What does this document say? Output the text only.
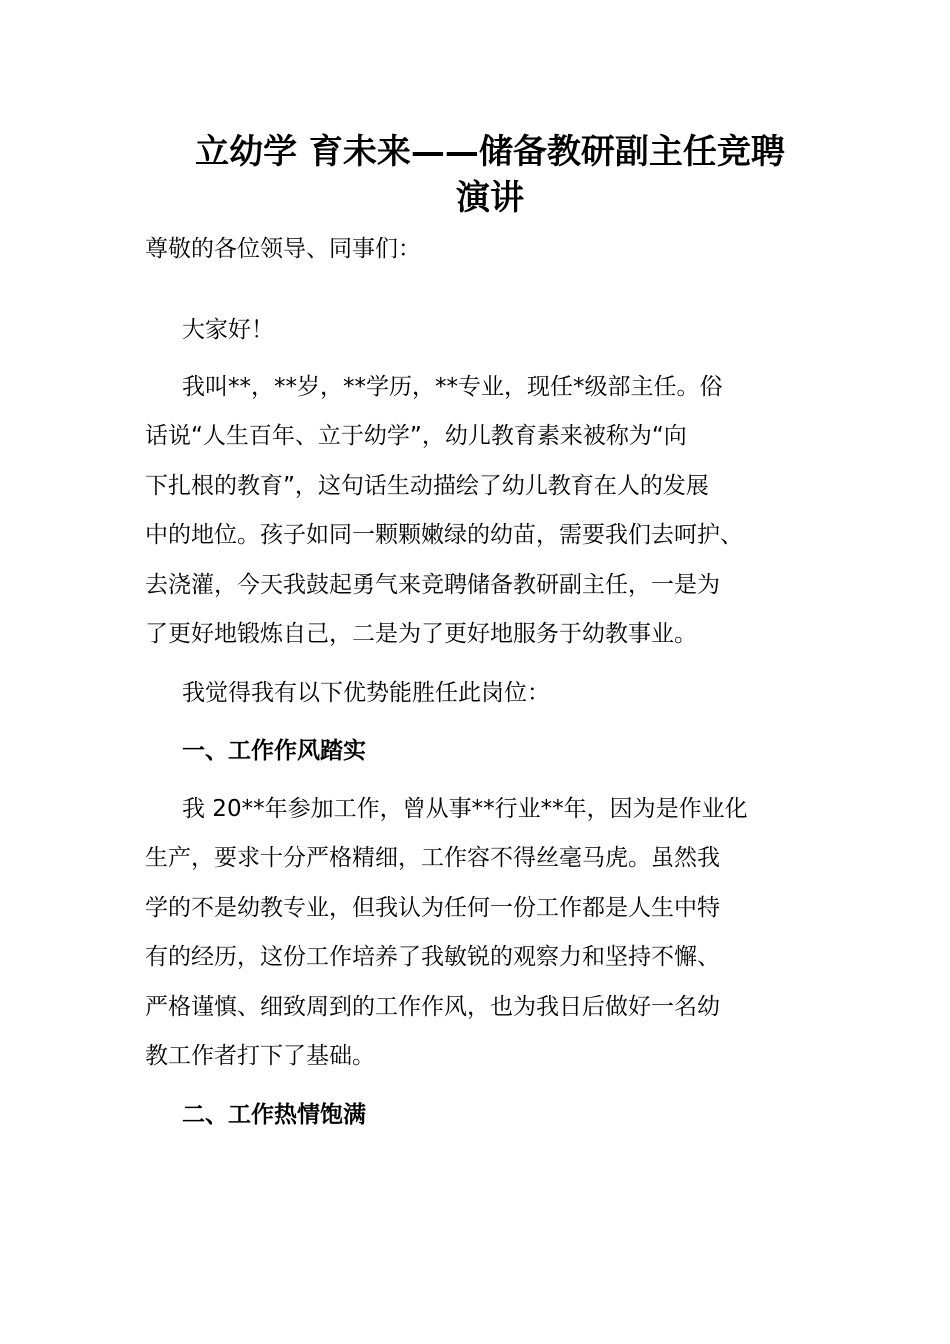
立幼学 育未来——储备教研副主任竞聘
演讲

尊敬的各位领导、同事们：

大家好！

我叫**，**岁，**学历，**专业，现任*级部主任。俗

话说“人生百年、立于幼学”，幼儿教育素来被称为“向

下扎根的教育”，这句话生动描绘了幼儿教育在人的发展

中的地位。孩子如同一颗颗嫩绿的幼苗，需要我们去呵护、

去浇灌，今天我鼓起勇气来竞聘储备教研副主任，一是为

了更好地锻炼自己，二是为了更好地服务于幼教事业。

我觉得我有以下优势能胜任此岗位：

一、工作作风踏实

我 20**年参加工作，曾从事**行业**年，因为是作业化

生产，要求十分严格精细，工作容不得丝毫马虎。虽然我

学的不是幼教专业，但我认为任何一份工作都是人生中特

有的经历，这份工作培养了我敏锐的观察力和坚持不懈、

严格谨慎、细致周到的工作作风，也为我日后做好一名幼

教工作者打下了基础。

二、工作热情饱满
